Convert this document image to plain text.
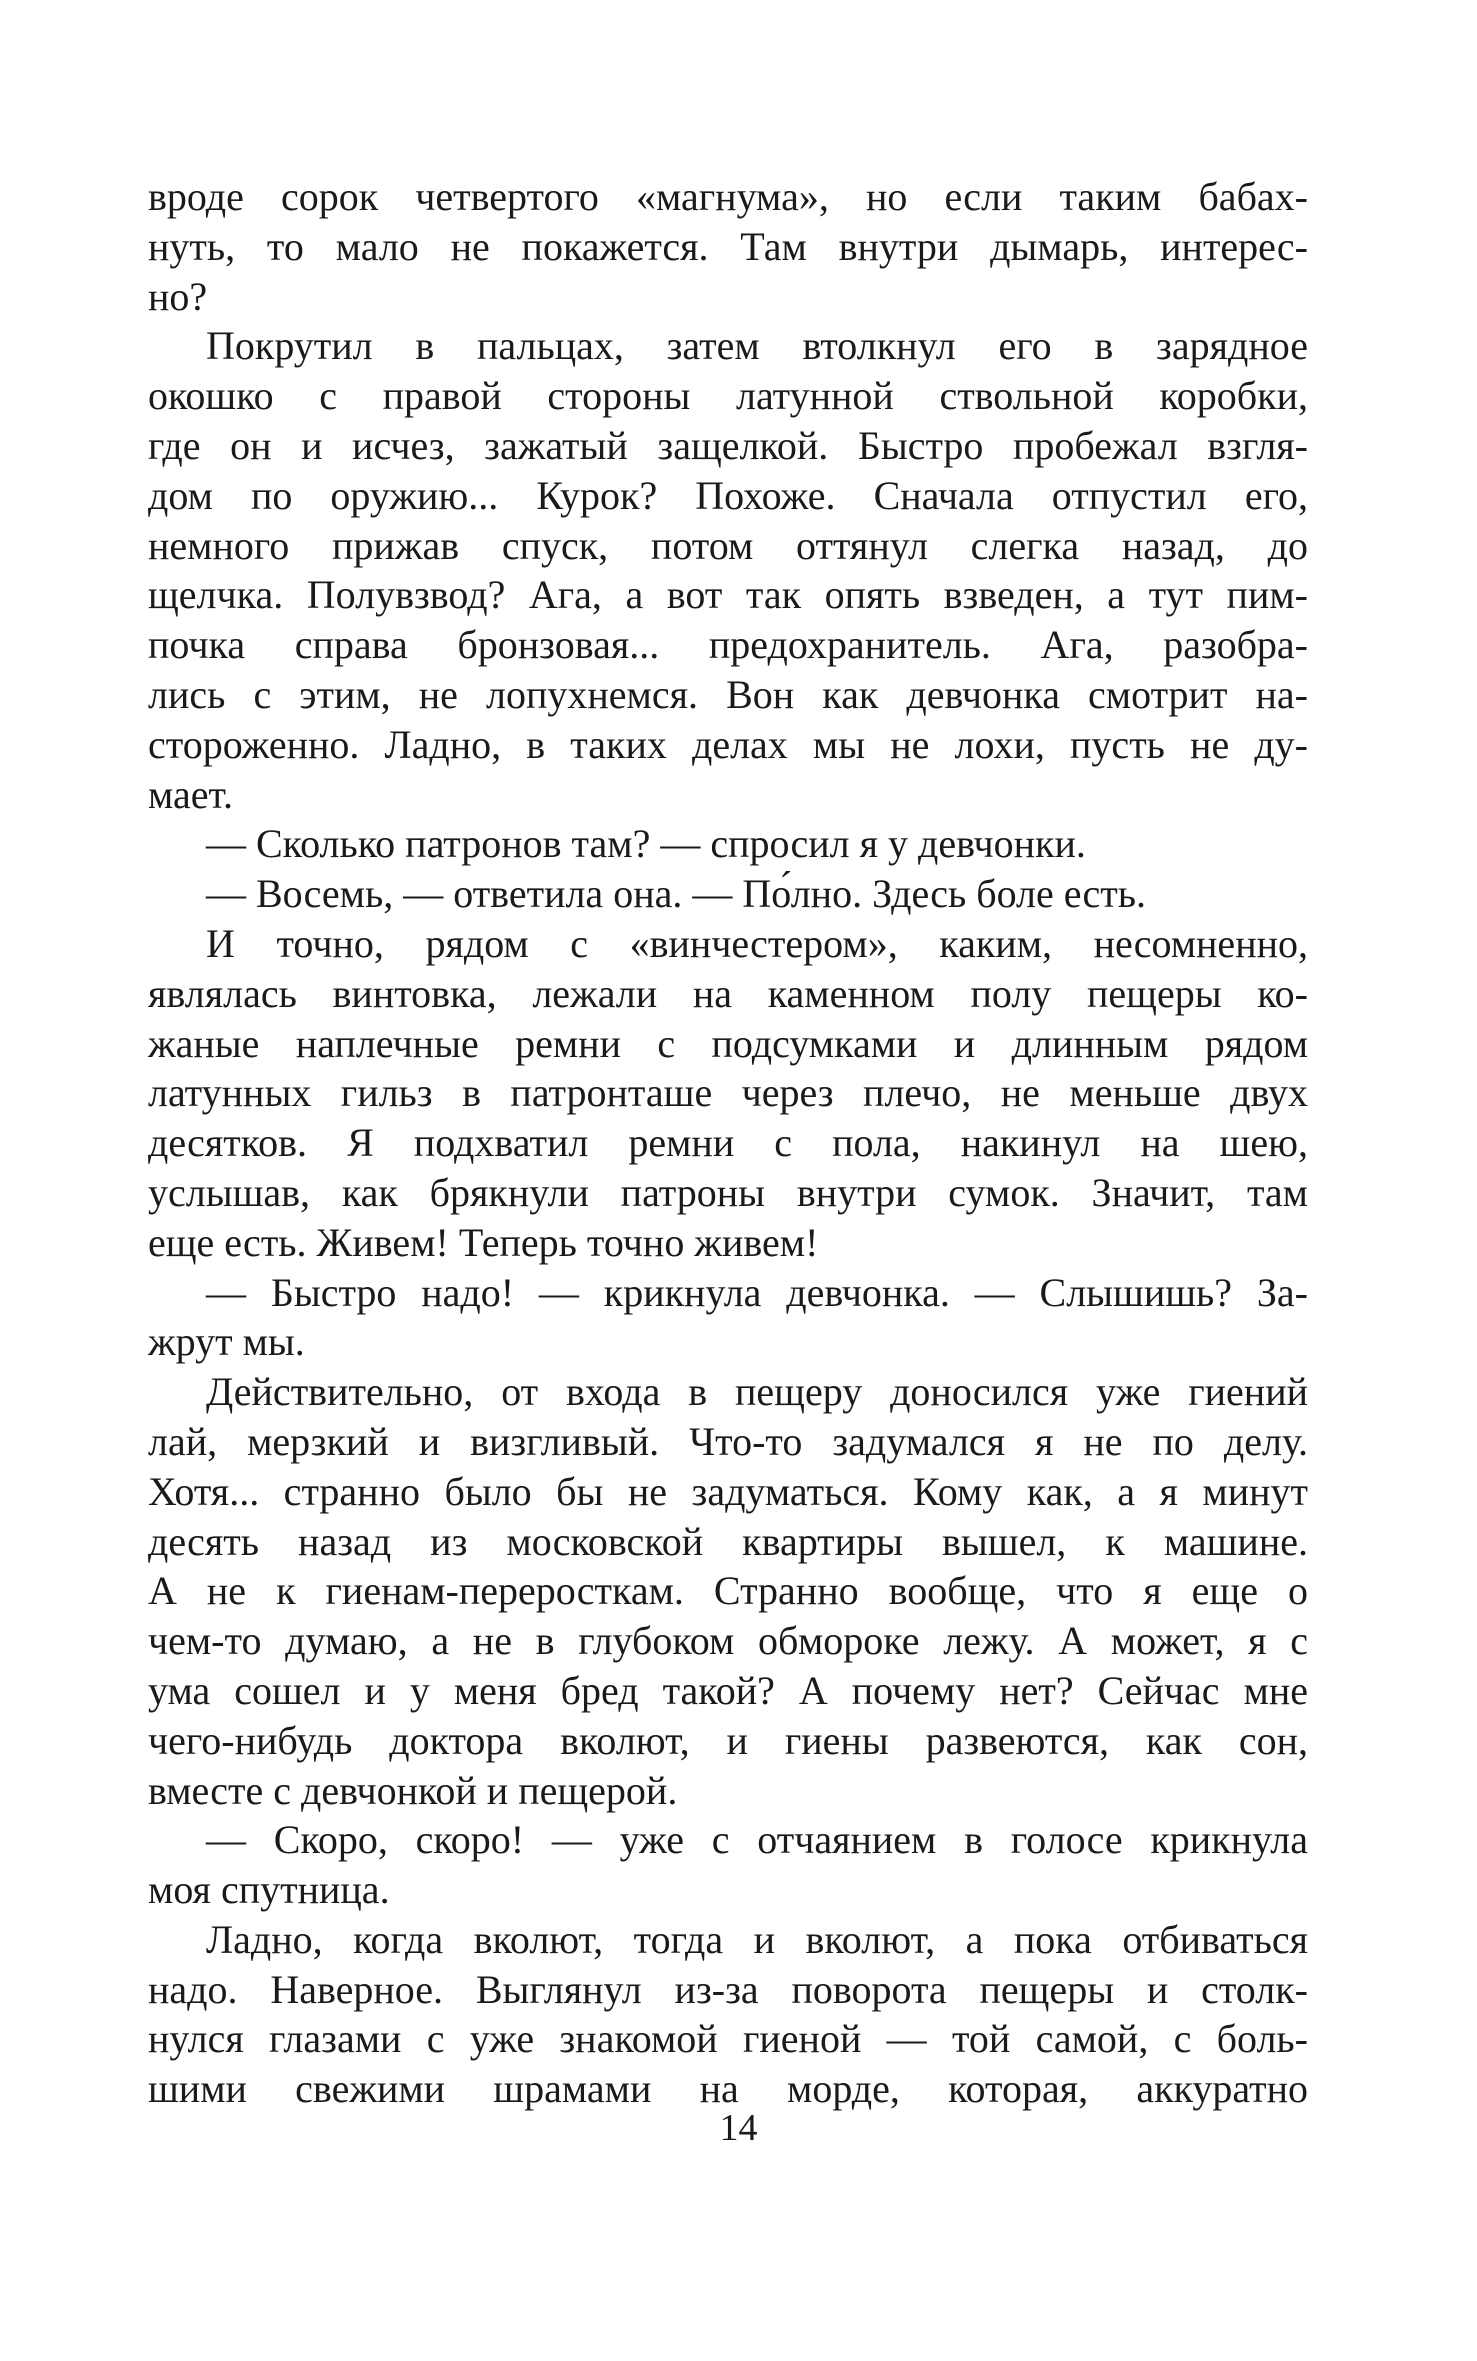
вроде сорок четвертого «магнума», но если таким бабах-
нуть, то мало не покажется. Там внутри дымарь, интерес-
но?
Покрутил в пальцах, затем втолкнул его в зарядное
окошко с правой стороны латунной ствольной коробки,
где он и исчез, зажатый защелкой. Быстро пробежал взгля-
дом по оружию... Курок? Похоже. Сначала отпустил его,
немного прижав спуск, потом оттянул слегка назад, до
щелчка. Полувзвод? Ага, а вот так опять взведен, а тут пим-
почка справа бронзовая... предохранитель. Ага, разобра-
лись с этим, не лопухнемся. Вон как девчонка смотрит на-
стороженно. Ладно, в таких делах мы не лохи, пусть не ду-
мает.
— Сколько патронов там? — спросил я у девчонки.
— Восемь, — ответила она. — По́лно. Здесь боле есть.
И точно, рядом с «винчестером», каким, несомненно,
являлась винтовка, лежали на каменном полу пещеры ко-
жаные наплечные ремни с подсумками и длинным рядом
латунных гильз в патронташе через плечо, не меньше двух
десятков. Я подхватил ремни с пола, накинул на шею,
услышав, как брякнули патроны внутри сумок. Значит, там
еще есть. Живем! Теперь точно живем!
— Быстро надо! — крикнула девчонка. — Слышишь? За-
жрут мы.
Действительно, от входа в пещеру доносился уже гиений
лай, мерзкий и визгливый. Что-то задумался я не по делу.
Хотя... странно было бы не задуматься. Кому как, а я минут
десять назад из московской квартиры вышел, к машине.
А не к гиенам-переросткам. Странно вообще, что я еще о
чем-то думаю, а не в глубоком обмороке лежу. А может, я с
ума сошел и у меня бред такой? А почему нет? Сейчас мне
чего-нибудь доктора вколют, и гиены развеются, как сон,
вместе с девчонкой и пещерой.
— Скоро, скоро! — уже с отчаянием в голосе крикнула
моя спутница.
Ладно, когда вколют, тогда и вколют, а пока отбиваться
надо. Наверное. Выглянул из-за поворота пещеры и столк-
нулся глазами с уже знакомой гиеной — той самой, с боль-
шими свежими шрамами на морде, которая, аккуратно
14
